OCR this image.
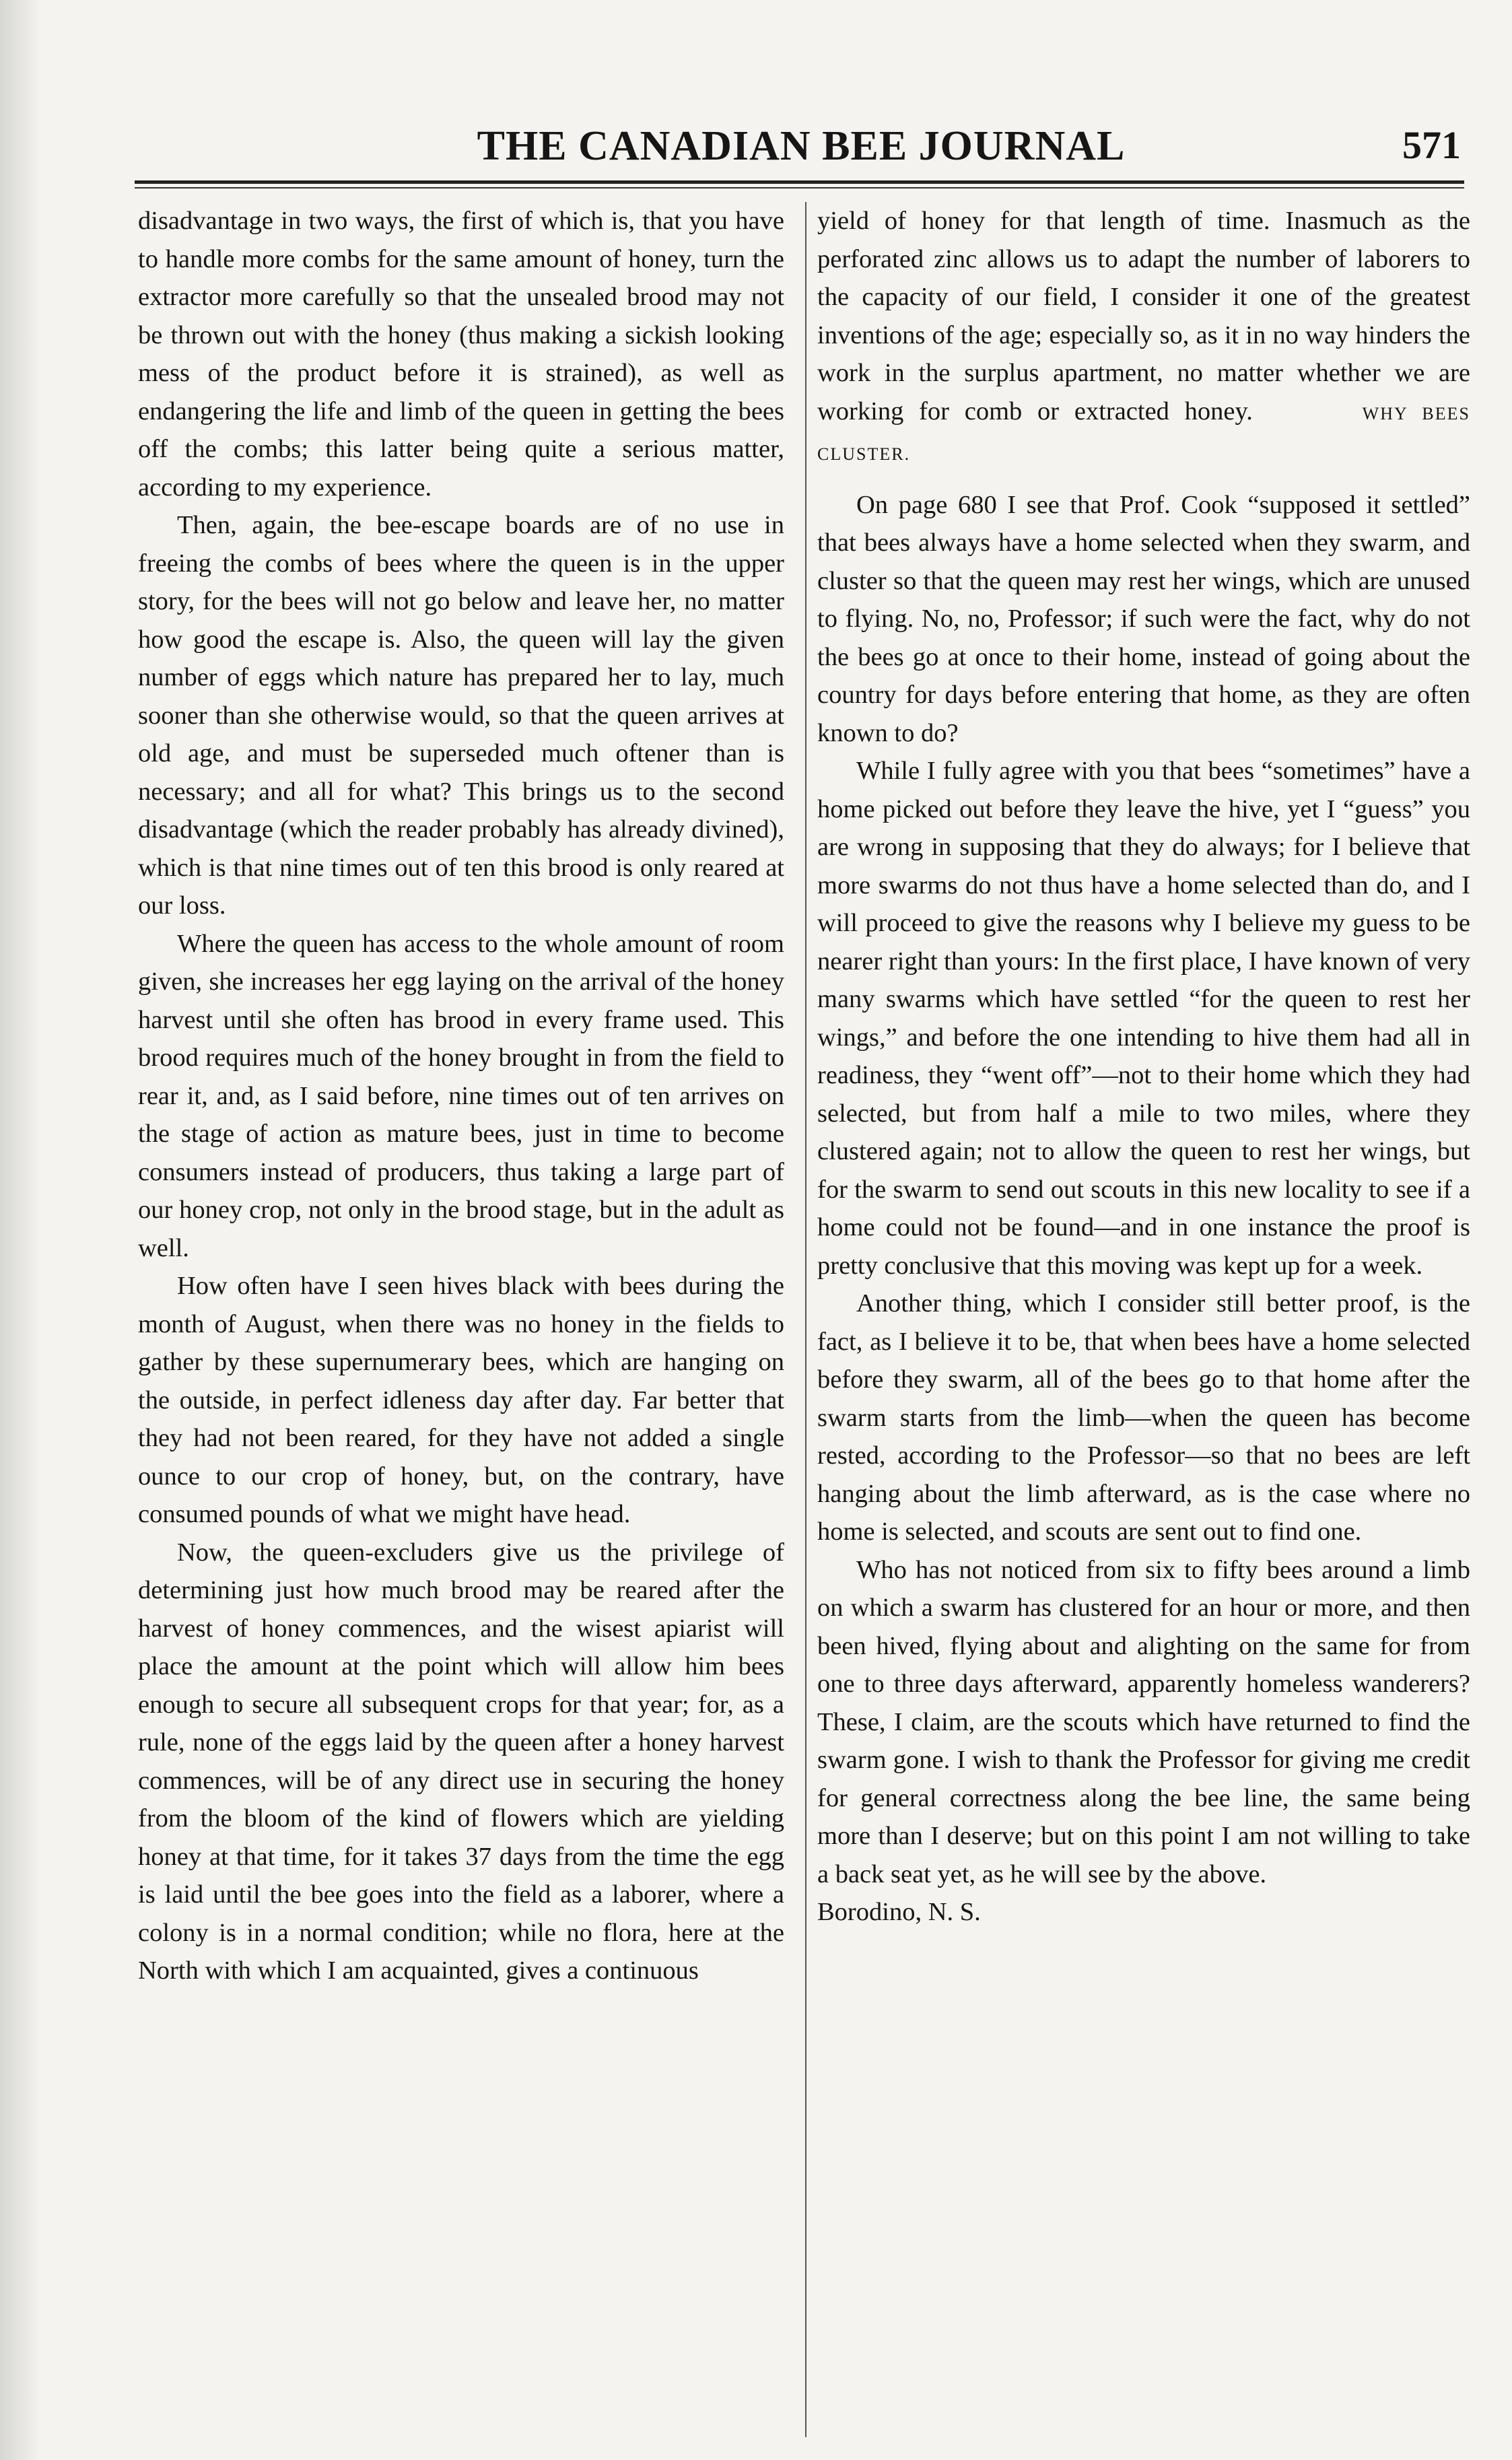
THE CANADIAN BEE JOURNAL	571

disadvantage in two ways, the first of which is, that you have to handle more combs for the same amount of honey, turn the extractor more carefully so that the unsealed brood may not be thrown out with the honey (thus making a sickish looking mess of the product before it is strained), as well as endangering the life and limb of the queen in getting the bees off the combs; this latter being quite a serious matter, according to my experience.

Then, again, the bee-escape boards are of no use in freeing the combs of bees where the queen is in the upper story, for the bees will not go below and leave her, no matter how good the escape is. Also, the queen will lay the given number of eggs which nature has prepared her to lay, much sooner than she otherwise would, so that the queen arrives at old age, and must be superseded much oftener than is necessary; and all for what? This brings us to the second disadvantage (which the reader probably has already divined), which is that nine times out of ten this brood is only reared at our loss.

Where the queen has access to the whole amount of room given, she increases her egg laying on the arrival of the honey harvest until she often has brood in every frame used. This brood requires much of the honey brought in from the field to rear it, and, as I said before, nine times out of ten arrives on the stage of action as mature bees, just in time to become consumers instead of producers, thus taking a large part of our honey crop, not only in the brood stage, but in the adult as well.

How often have I seen hives black with bees during the month of August, when there was no honey in the fields to gather by these supernumerary bees, which are hanging on the outside, in perfect idleness day after day. Far better that they had not been reared, for they have not added a single ounce to our crop of honey, but, on the contrary, have consumed pounds of what we might have head.

Now, the queen-excluders give us the privilege of determining just how much brood may be reared after the harvest of honey commences, and the wisest apiarist will place the amount at the point which will allow him bees enough to secure all subsequent crops for that year; for, as a rule, none of the eggs laid by the queen after a honey harvest commences, will be of any direct use in securing the honey from the bloom of the kind of flowers which are yielding honey at that time, for it takes 37 days from the time the egg is laid until the bee goes into the field as a laborer, where a colony is in a normal condition; while no flora, here at the North with which I am acquainted, gives a continuous

yield of honey for that length of time. Inasmuch as the perforated zinc allows us to adapt the number of laborers to the capacity of our field, I consider it one of the greatest inventions of the age; especially so, as it in no way hinders the work in the surplus apartment, no matter whether we are working for comb or extracted honey.	WHY BEES CLUSTER.

On page 680 I see that Prof. Cook “supposed it settled” that bees always have a home selected when they swarm, and cluster so that the queen may rest her wings, which are unused to flying. No, no, Professor; if such were the fact, why do not the bees go at once to their home, instead of going about the country for days before entering that home, as they are often known to do?

While I fully agree with you that bees “sometimes” have a home picked out before they leave the hive, yet I “guess” you are wrong in supposing that they do always; for I believe that more swarms do not thus have a home selected than do, and I will proceed to give the reasons why I believe my guess to be nearer right than yours: In the first place, I have known of very many swarms which have settled “for the queen to rest her wings,” and before the one intending to hive them had all in readiness, they “went off”—not to their home which they had selected, but from half a mile to two miles, where they clustered again; not to allow the queen to rest her wings, but for the swarm to send out scouts in this new locality to see if a home could not be found—and in one instance the proof is pretty conclusive that this moving was kept up for a week.

Another thing, which I consider still better proof, is the fact, as I believe it to be, that when bees have a home selected before they swarm, all of the bees go to that home after the swarm starts from the limb—when the queen has become rested, according to the Professor—so that no bees are left hanging about the limb afterward, as is the case where no home is selected, and scouts are sent out to find one.

Who has not noticed from six to fifty bees around a limb on which a swarm has clustered for an hour or more, and then been hived, flying about and alighting on the same for from one to three days afterward, apparently homeless wanderers? These, I claim, are the scouts which have returned to find the swarm gone. I wish to thank the Professor for giving me credit for general correctness along the bee line, the same being more than I deserve; but on this point I am not willing to take a back seat yet, as he will see by the above.

Borodino, N. S.
